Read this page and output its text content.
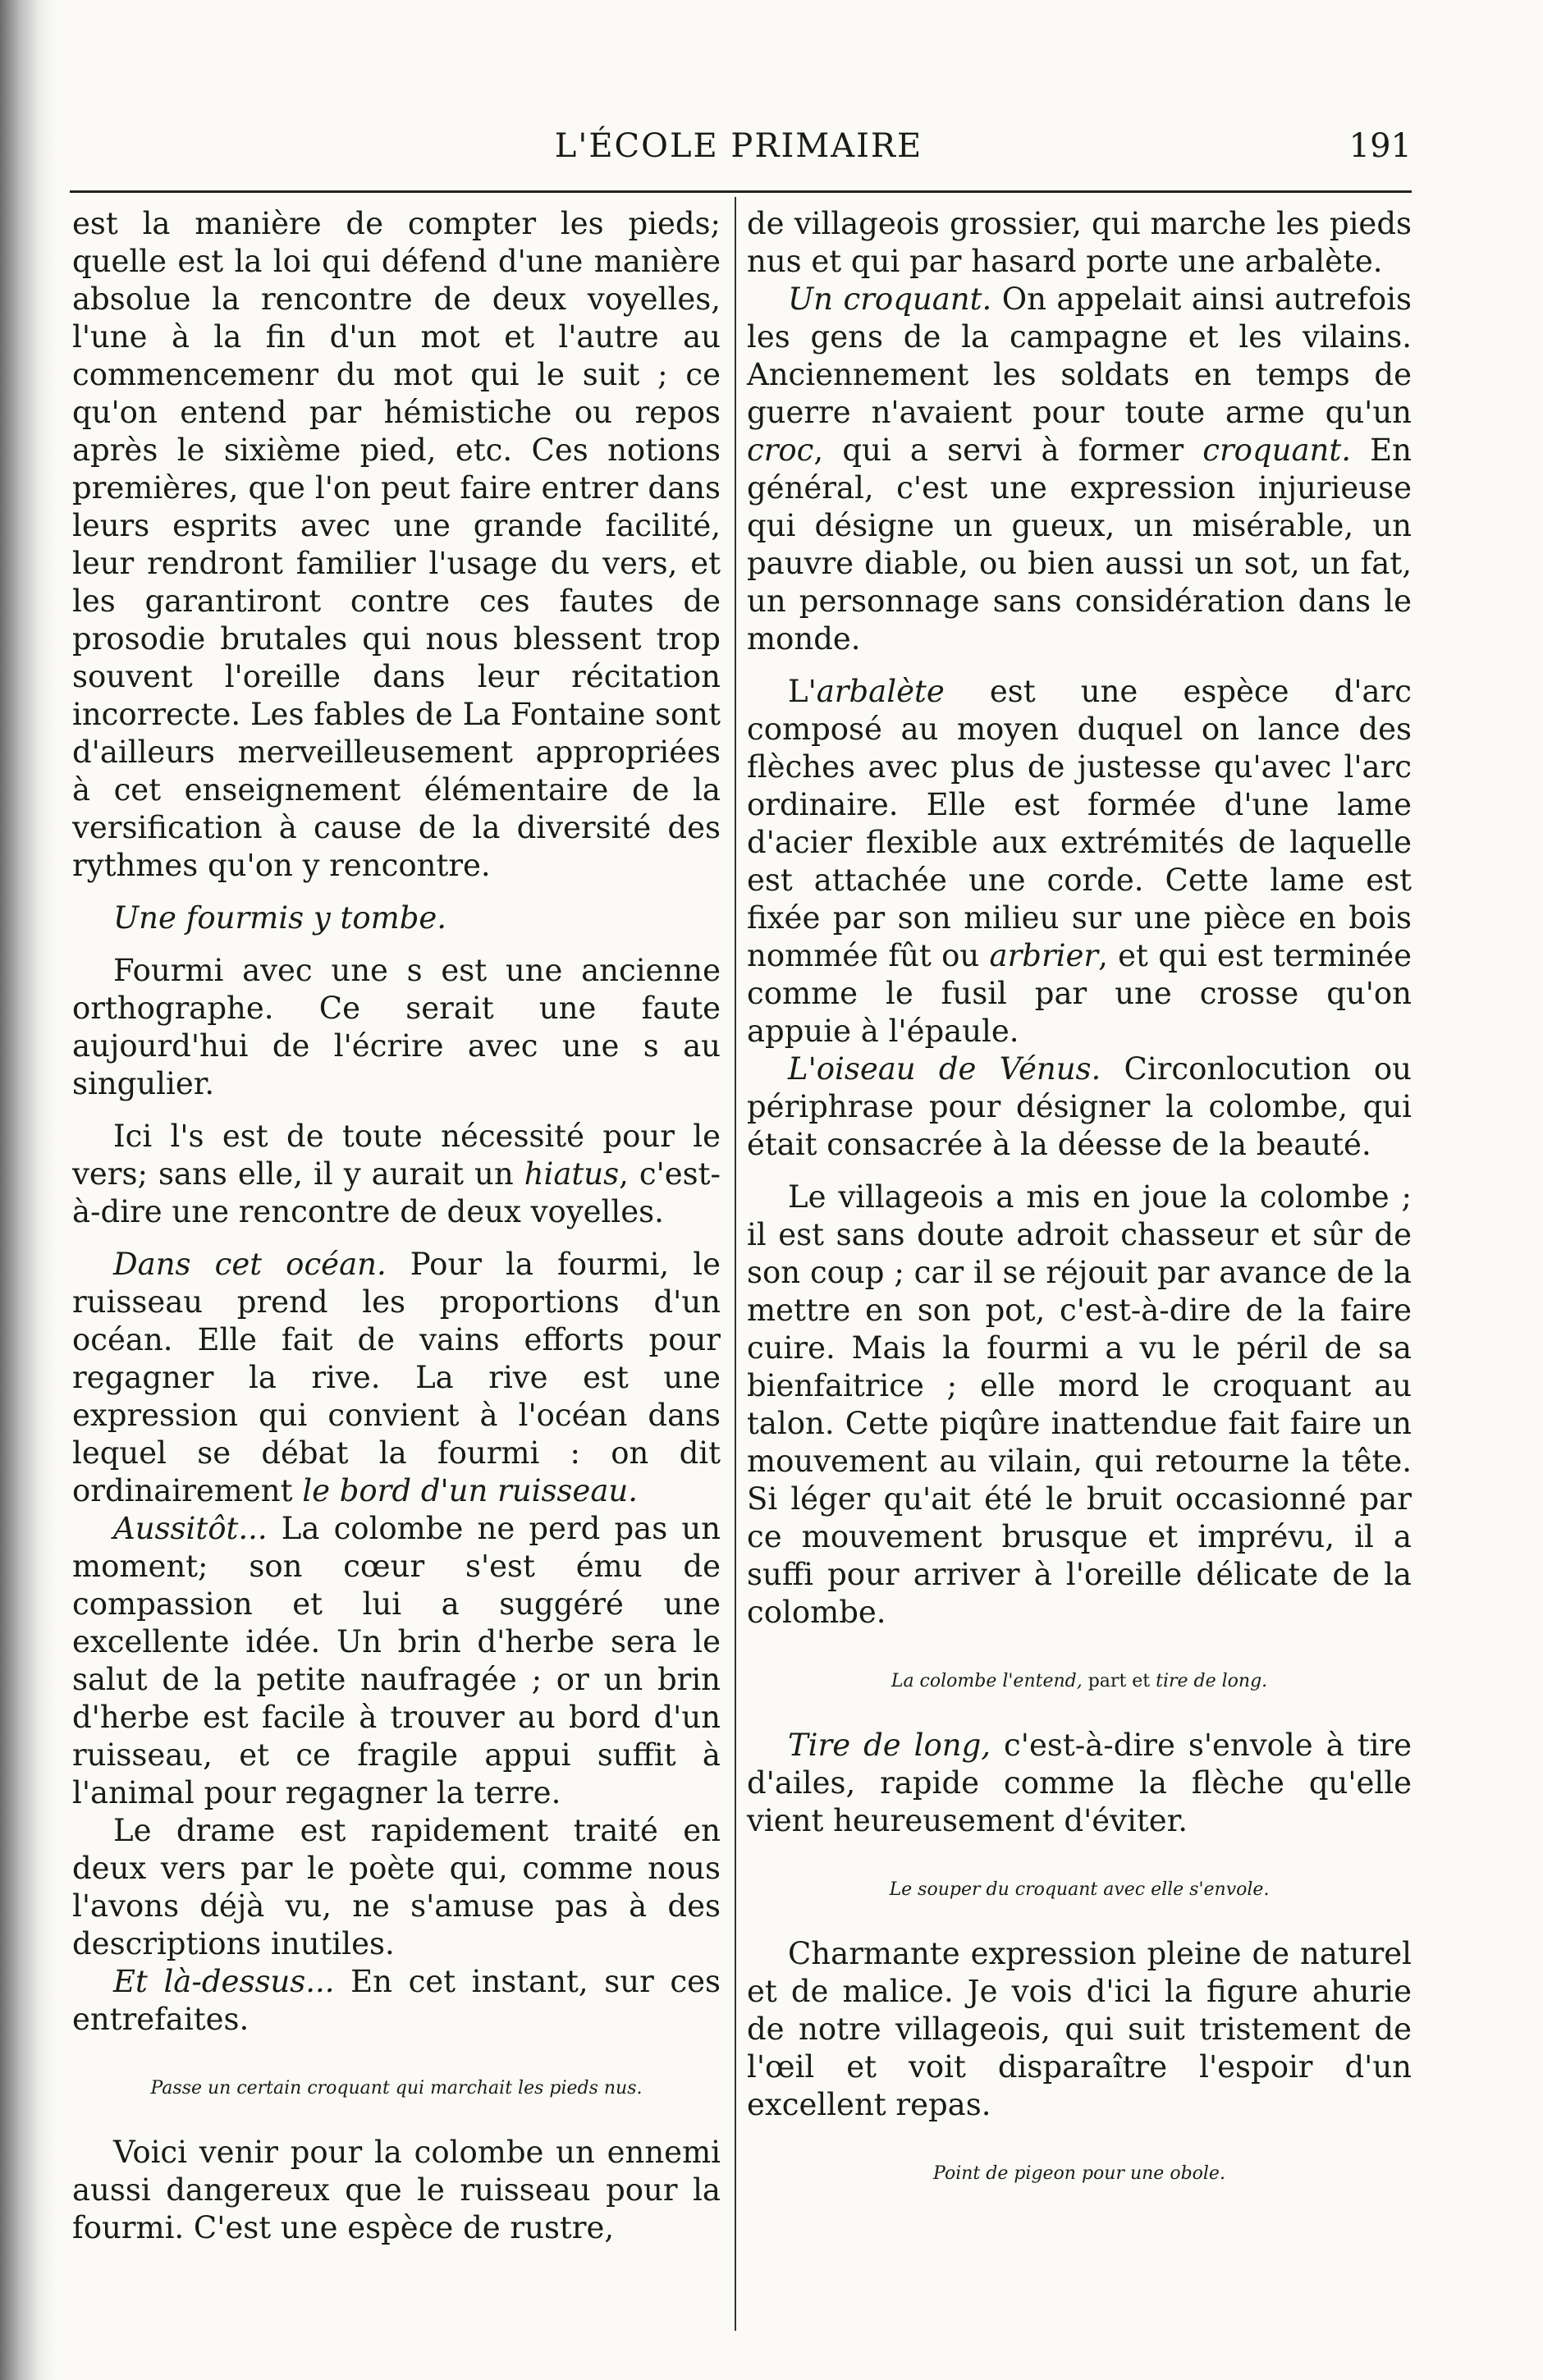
L'ÉCOLE PRIMAIRE	191

est la manière de compter les pieds; quelle est la loi qui défend d'une manière absolue la rencontre de deux voyelles, l'une à la fin d'un mot et l'autre au commencemenr du mot qui le suit ; ce qu'on entend par hémistiche ou repos après le sixième pied, etc. Ces notions premières, que l'on peut faire entrer dans leurs esprits avec une grande facilité, leur rendront familier l'usage du vers, et les garantiront contre ces fautes de prosodie brutales qui nous blessent trop souvent l'oreille dans leur récitation incorrecte. Les fables de La Fontaine sont d'ailleurs merveilleusement appropriées à cet enseignement élémentaire de la versification à cause de la diversité des rythmes qu'on y rencontre.

Une fourmis y tombe.

Fourmi avec une s est une ancienne orthographe. Ce serait une faute aujourd'hui de l'écrire avec une s au singulier.

Ici l's est de toute nécessité pour le vers; sans elle, il y aurait un hiatus, c'est-à-dire une rencontre de deux voyelles.

Dans cet océan. Pour la fourmi, le ruisseau prend les proportions d'un océan. Elle fait de vains efforts pour regagner la rive. La rive est une expression qui convient à l'océan dans lequel se débat la fourmi : on dit ordinairement le bord d'un ruisseau.

Aussitôt... La colombe ne perd pas un moment; son cœur s'est ému de compassion et lui a suggéré une excellente idée. Un brin d'herbe sera le salut de la petite naufragée ; or un brin d'herbe est facile à trouver au bord d'un ruisseau, et ce fragile appui suffit à l'animal pour regagner la terre.

Le drame est rapidement traité en deux vers par le poète qui, comme nous l'avons déjà vu, ne s'amuse pas à des descriptions inutiles.

Et là-dessus... En cet instant, sur ces entrefaites.

Passe un certain croquant qui marchait les pieds nus.

Voici venir pour la colombe un ennemi aussi dangereux que le ruisseau pour la fourmi. C'est une espèce de rustre,

de villageois grossier, qui marche les pieds nus et qui par hasard porte une arbalète.

Un croquant. On appelait ainsi autrefois les gens de la campagne et les vilains. Anciennement les soldats en temps de guerre n'avaient pour toute arme qu'un croc, qui a servi à former croquant. En général, c'est une expression injurieuse qui désigne un gueux, un misérable, un pauvre diable, ou bien aussi un sot, un fat, un personnage sans considération dans le monde.

L'arbalète est une espèce d'arc composé au moyen duquel on lance des flèches avec plus de justesse qu'avec l'arc ordinaire. Elle est formée d'une lame d'acier flexible aux extrémités de laquelle est attachée une corde. Cette lame est fixée par son milieu sur une pièce en bois nommée fût ou arbrier, et qui est terminée comme le fusil par une crosse qu'on appuie à l'épaule.

L'oiseau de Vénus. Circonlocution ou périphrase pour désigner la colombe, qui était consacrée à la déesse de la beauté.

Le villageois a mis en joue la colombe ; il est sans doute adroit chasseur et sûr de son coup ; car il se réjouit par avance de la mettre en son pot, c'est-à-dire de la faire cuire. Mais la fourmi a vu le péril de sa bienfaitrice ; elle mord le croquant au talon. Cette piqûre inattendue fait faire un mouvement au vilain, qui retourne la tête. Si léger qu'ait été le bruit occasionné par ce mouvement brusque et imprévu, il a suffi pour arriver à l'oreille délicate de la colombe.

La colombe l'entend, part et tire de long.

Tire de long, c'est-à-dire s'envole à tire d'ailes, rapide comme la flèche qu'elle vient heureusement d'éviter.

Le souper du croquant avec elle s'envole.

Charmante expression pleine de naturel et de malice. Je vois d'ici la figure ahurie de notre villageois, qui suit tristement de l'œil et voit disparaître l'espoir d'un excellent repas.

Point de pigeon pour une obole.
